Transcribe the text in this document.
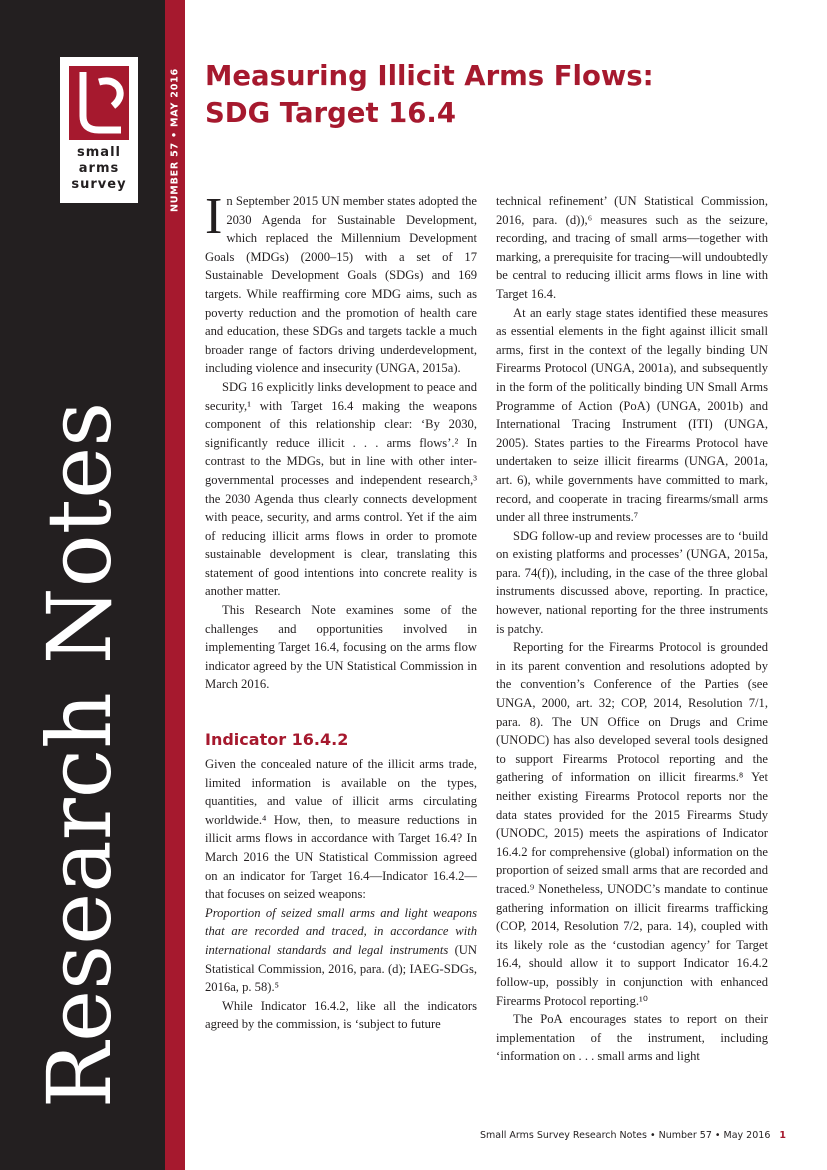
small
arms
survey	NUMBER 57 • MAY 2016
Research Notes
Measuring Illicit Arms Flows:
SDG Target 16.4

In September 2015 UN member states adopted the 2030 Agenda for Sustainable Development, which replaced the Millennium Development Goals (MDGs) (2000–15) with a set of 17 Sustainable Development Goals (SDGs) and 169 targets. While reaffirming core MDG aims, such as poverty reduction and the promotion of health care and education, these SDGs and targets tackle a much broader range of factors driving underdevelopment, including violence and insecurity (UNGA, 2015a).

SDG 16 explicitly links development to peace and security,¹ with Target 16.4 making the weapons component of this relationship clear: ‘By 2030, significantly reduce illicit . . . arms flows’.² In contrast to the MDGs, but in line with other inter-governmental processes and independent research,³ the 2030 Agenda thus clearly connects development with peace, security, and arms control. Yet if the aim of reducing illicit arms flows in order to promote sustainable development is clear, translating this statement of good intentions into concrete reality is another matter.

This Research Note examines some of the challenges and opportunities involved in implementing Target 16.4, focusing on the arms flow indicator agreed by the UN Statistical Commission in March 2016.

Indicator 16.4.2

Given the concealed nature of the illicit arms trade, limited information is available on the types, quantities, and value of illicit arms circulating worldwide.⁴ How, then, to measure reductions in illicit arms flows in accordance with Target 16.4? In March 2016 the UN Statistical Commission agreed on an indicator for Target 16.4—Indicator 16.4.2—that focuses on seized weapons:

Proportion of seized small arms and light weapons that are recorded and traced, in accordance with international standards and legal instruments (UN Statistical Commission, 2016, para. (d); IAEG-SDGs, 2016a, p. 58).⁵

While Indicator 16.4.2, like all the indicators agreed by the commission, is ‘subject to future

technical refinement’ (UN Statistical Commission, 2016, para. (d)),⁶ measures such as the seizure, recording, and tracing of small arms—together with marking, a prerequisite for tracing—will undoubtedly be central to reducing illicit arms flows in line with Target 16.4.

At an early stage states identified these measures as essential elements in the fight against illicit small arms, first in the context of the legally binding UN Firearms Protocol (UNGA, 2001a), and subsequently in the form of the politically binding UN Small Arms Programme of Action (PoA) (UNGA, 2001b) and International Tracing Instrument (ITI) (UNGA, 2005). States parties to the Firearms Protocol have undertaken to seize illicit firearms (UNGA, 2001a, art. 6), while governments have committed to mark, record, and cooperate in tracing firearms/small arms under all three instruments.⁷

SDG follow-up and review processes are to ‘build on existing platforms and processes’ (UNGA, 2015a, para. 74(f)), including, in the case of the three global instruments discussed above, reporting. In practice, however, national reporting for the three instruments is patchy.

Reporting for the Firearms Protocol is grounded in its parent convention and resolutions adopted by the convention’s Conference of the Parties (see UNGA, 2000, art. 32; COP, 2014, Resolution 7/1, para. 8). The UN Office on Drugs and Crime (UNODC) has also developed several tools designed to support Firearms Protocol reporting and the gathering of information on illicit firearms.⁸ Yet neither existing Firearms Protocol reports nor the data states provided for the 2015 Firearms Study (UNODC, 2015) meets the aspirations of Indicator 16.4.2 for comprehensive (global) information on the proportion of seized small arms that are recorded and traced.⁹ Nonetheless, UNODC’s mandate to continue gathering information on illicit firearms trafficking (COP, 2014, Resolution 7/2, para. 14), coupled with its likely role as the ‘custodian agency’ for Target 16.4, should allow it to support Indicator 16.4.2 follow-up, possibly in conjunction with enhanced Firearms Protocol reporting.¹⁰

The PoA encourages states to report on their implementation of the instrument, including ‘information on . . . small arms and light

Small Arms Survey Research Notes • Number 57 • May 2016 1
